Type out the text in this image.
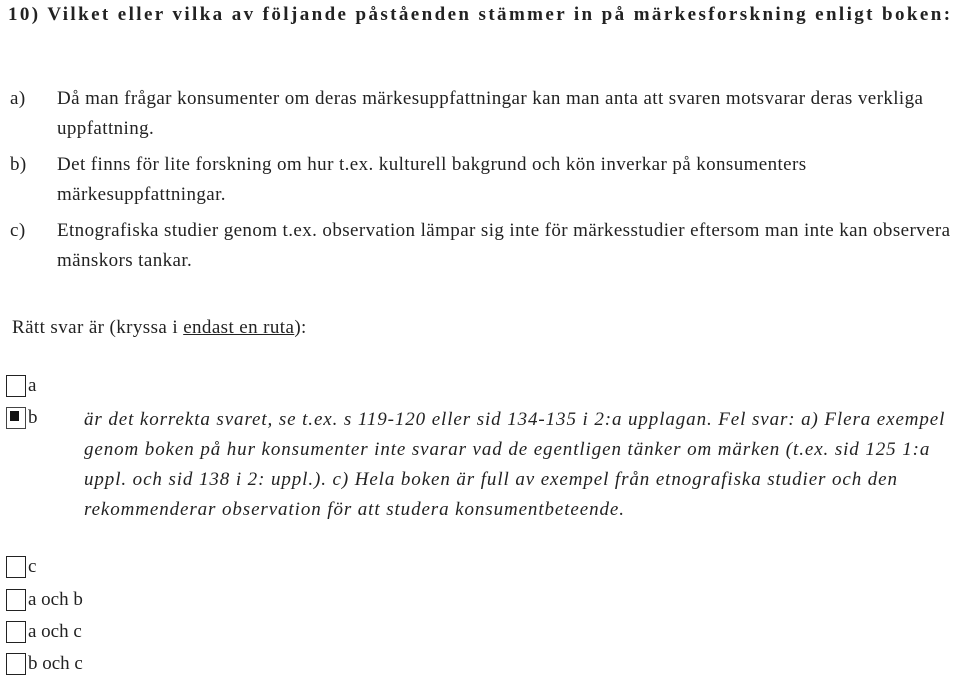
10) Vilket eller vilka av följande påståenden stämmer in på märkesforskning enligt boken:
a) Då man frågar konsumenter om deras märkesuppfattningar kan man anta att svaren motsvarar deras verkliga uppfattning.
b) Det finns för lite forskning om hur t.ex. kulturell bakgrund och kön inverkar på konsumenters märkesuppfattningar.
c) Etnografiska studier genom t.ex. observation lämpar sig inte för märkesstudier eftersom man inte kan observera mänskors tankar.
Rätt svar är (kryssa i endast en ruta):
a
b
c
a och b
a och c
b och c
är det korrekta svaret, se t.ex. s 119-120 eller sid 134-135 i 2:a upplagan. Fel svar: a) Flera exempel genom boken på hur konsumenter inte svarar vad de egentligen tänker om märken (t.ex. sid 125 1:a uppl. och sid 138 i 2: uppl.). c) Hela boken är full av exempel från etnografiska studier och den rekommenderar observation för att studera konsumentbeteende.
